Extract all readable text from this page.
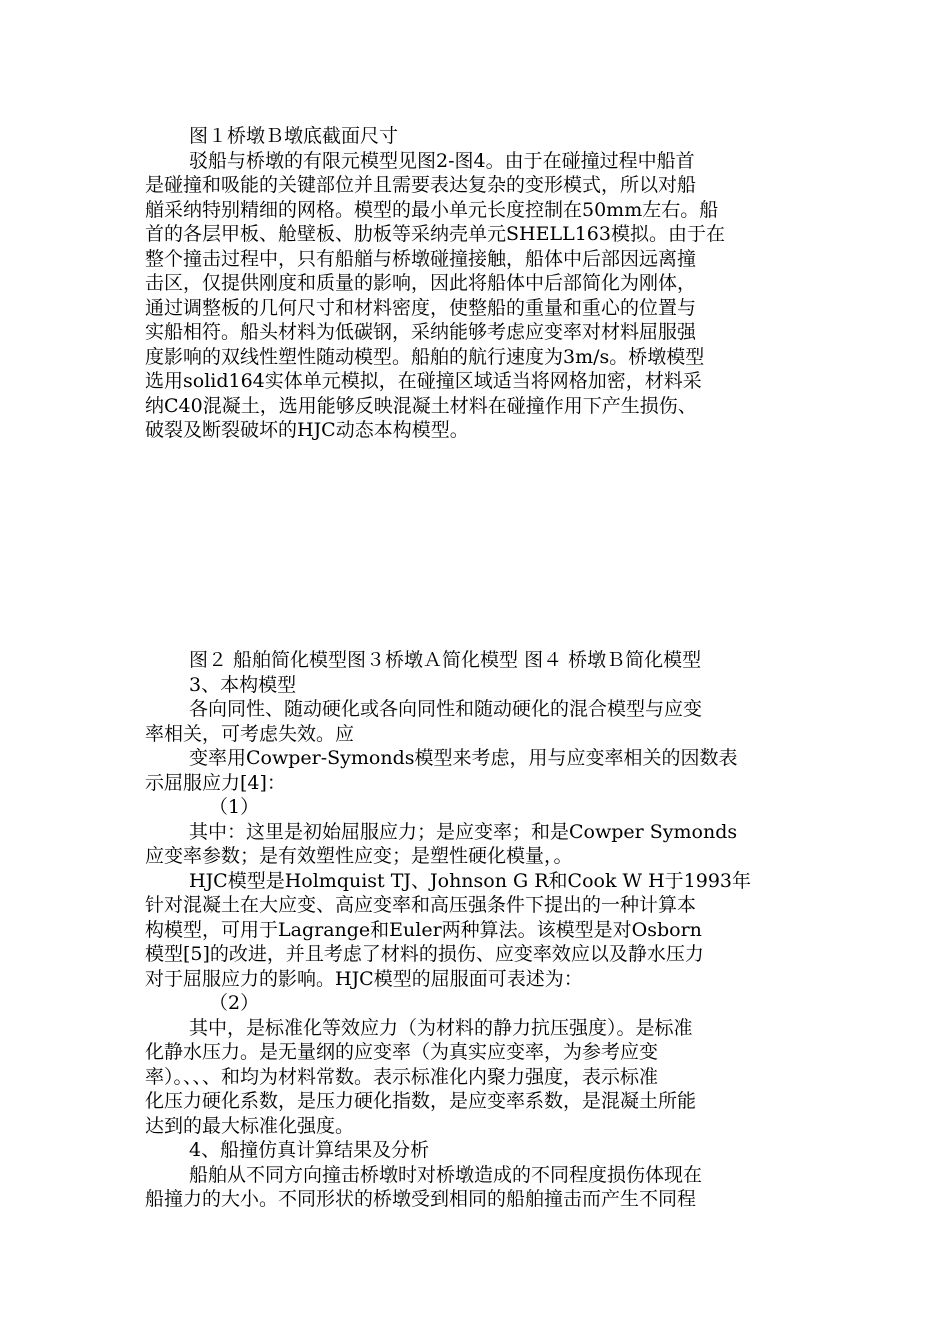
图１桥墩Ｂ墩底截面尺寸
驳船与桥墩的有限元模型见图2-图4。由于在碰撞过程中船首
是碰撞和吸能的关键部位并且需要表达复杂的变形模式，所以对船
艏采纳特别精细的网格。模型的最小单元长度控制在50mm左右。船
首的各层甲板、舱壁板、肋板等采纳壳单元SHELL163模拟。由于在
整个撞击过程中，只有船艏与桥墩碰撞接触，船体中后部因远离撞
击区，仅提供刚度和质量的影响，因此将船体中后部简化为刚体，
通过调整板的几何尺寸和材料密度，使整船的重量和重心的位置与
实船相符。船头材料为低碳钢，采纳能够考虑应变率对材料屈服强
度影响的双线性塑性随动模型。船舶的航行速度为3m/s。桥墩模型
选用solid164实体单元模拟，在碰撞区域适当将网格加密，材料采
纳C40混凝土，选用能够反映混凝土材料在碰撞作用下产生损伤、
破裂及断裂破坏的HJC动态本构模型。
图２ 船舶简化模型图３桥墩Ａ简化模型 图４ 桥墩Ｂ简化模型
3、本构模型
各向同性、随动硬化或各向同性和随动硬化的混合模型与应变
率相关，可考虑失效。应
变率用Cowper-Symonds模型来考虑，用与应变率相关的因数表
示屈服应力[4]：
（1）
其中：这里是初始屈服应力；是应变率；和是Cowper Symonds
应变率参数；是有效塑性应变；是塑性硬化模量，。
HJC模型是Holmquist TJ、Johnson G R和Cook W H于1993年
针对混凝土在大应变、高应变率和高压强条件下提出的一种计算本
构模型，可用于Lagrange和Euler两种算法。该模型是对Osborn
模型[5]的改进，并且考虑了材料的损伤、应变率效应以及静水压力
对于屈服应力的影响。HJC模型的屈服面可表述为：
（2）
其中，是标准化等效应力（为材料的静力抗压强度）。是标准
化静水压力。是无量纲的应变率（为真实应变率，为参考应变
率）。、、、和均为材料常数。表示标准化内聚力强度，表示标准
化压力硬化系数，是压力硬化指数，是应变率系数，是混凝土所能
达到的最大标准化强度。
4、船撞仿真计算结果及分析
船舶从不同方向撞击桥墩时对桥墩造成的不同程度损伤体现在
船撞力的大小。不同形状的桥墩受到相同的船舶撞击而产生不同程
